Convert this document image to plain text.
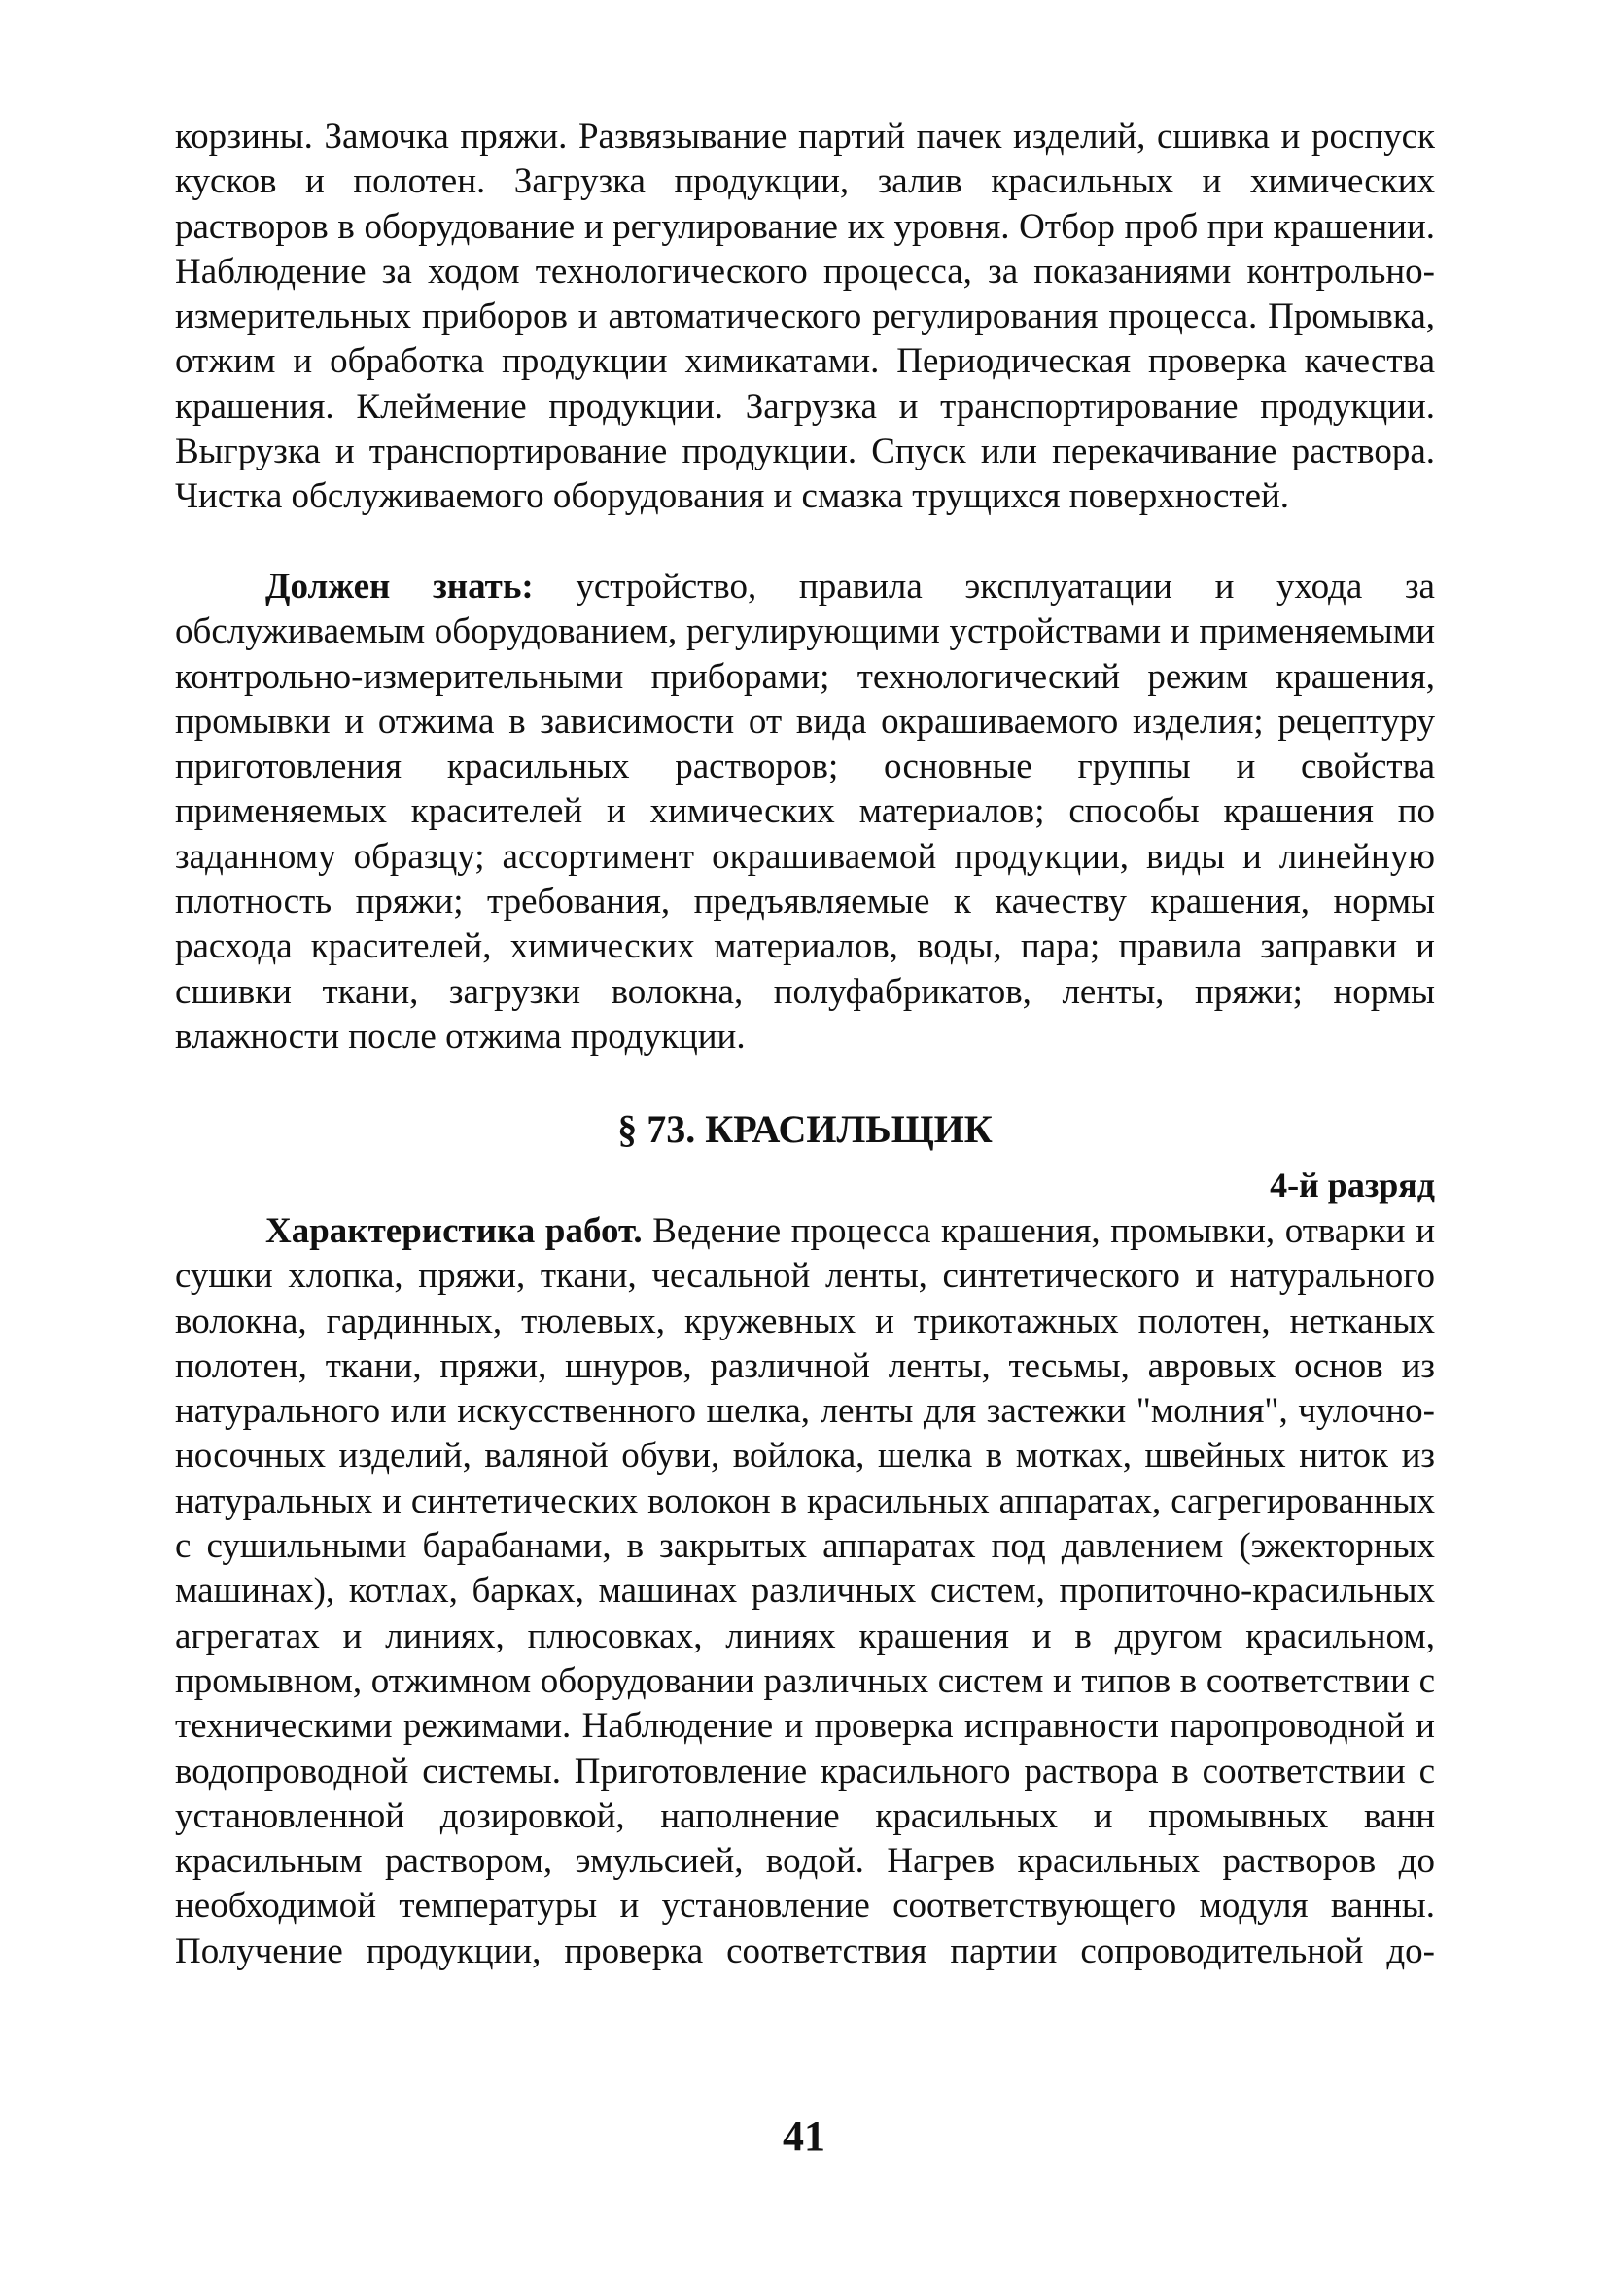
корзины. Замочка пряжи. Развязывание партий пачек изделий, сшивка и роспуск кусков и полотен. Загрузка продукции, залив красильных и химических растворов в оборудование и регулирование их уровня. Отбор проб при крашении. Наблюдение за ходом технологического процесса, за показаниями контрольно-измерительных приборов и автоматического регулирования процесса. Промывка, отжим и обработка продукции химикатами. Периодическая проверка качества крашения. Клеймение продукции. Загрузка и транспортирование продукции. Выгрузка и транспортирование продукции. Спуск или перекачивание раствора. Чистка обслуживаемого оборудования и смазка трущихся поверхностей.

Должен знать: устройство, правила эксплуатации и ухода за обслуживаемым оборудованием, регулирующими устройствами и применяемыми контрольно-измерительными приборами; технологический режим крашения, промывки и отжима в зависимости от вида окрашиваемого изделия; рецептуру приготовления красильных растворов; основные группы и свойства применяемых красителей и химических материалов; способы крашения по заданному образцу; ассортимент окрашиваемой продукции, виды и линейную плотность пряжи; требования, предъявляемые к качеству крашения, нормы расхода красителей, химических материалов, воды, пара; правила заправки и сшивки ткани, загрузки волокна, полуфабрикатов, ленты, пряжи; нормы влажности после отжима продукции.

§ 73. КРАСИЛЬЩИК
4-й разряд

Характеристика работ. Ведение процесса крашения, промывки, отварки и сушки хлопка, пряжи, ткани, чесальной ленты, синтетического и натурального волокна, гардинных, тюлевых, кружевных и трикотажных полотен, нетканых полотен, ткани, пряжи, шнуров, различной ленты, тесьмы, авровых основ из натурального или искусственного шелка, ленты для застежки "молния", чулочно-носочных изделий, валяной обуви, войлока, шелка в мотках, швейных ниток из натуральных и синтетических волокон в красильных аппаратах, сагрегированных с сушильными барабанами, в закрытых аппаратах под давлением (эжекторных машинах), котлах, барках, машинах различных систем, пропиточно-красильных агрегатах и линиях, плюсовках, линиях крашения и в другом красильном, промывном, отжимном оборудовании различных систем и типов в соответствии с техническими режимами. Наблюдение и проверка исправности паропроводной и водопроводной системы. Приготовление красильного раствора в соответствии с установленной дозировкой, наполнение красильных и промывных ванн красильным раствором, эмульсией, водой. Нагрев красильных растворов до необходимой температуры и установление соответствующего модуля ванны. Получение продукции, проверка соответствия партии сопроводительной до-

41
